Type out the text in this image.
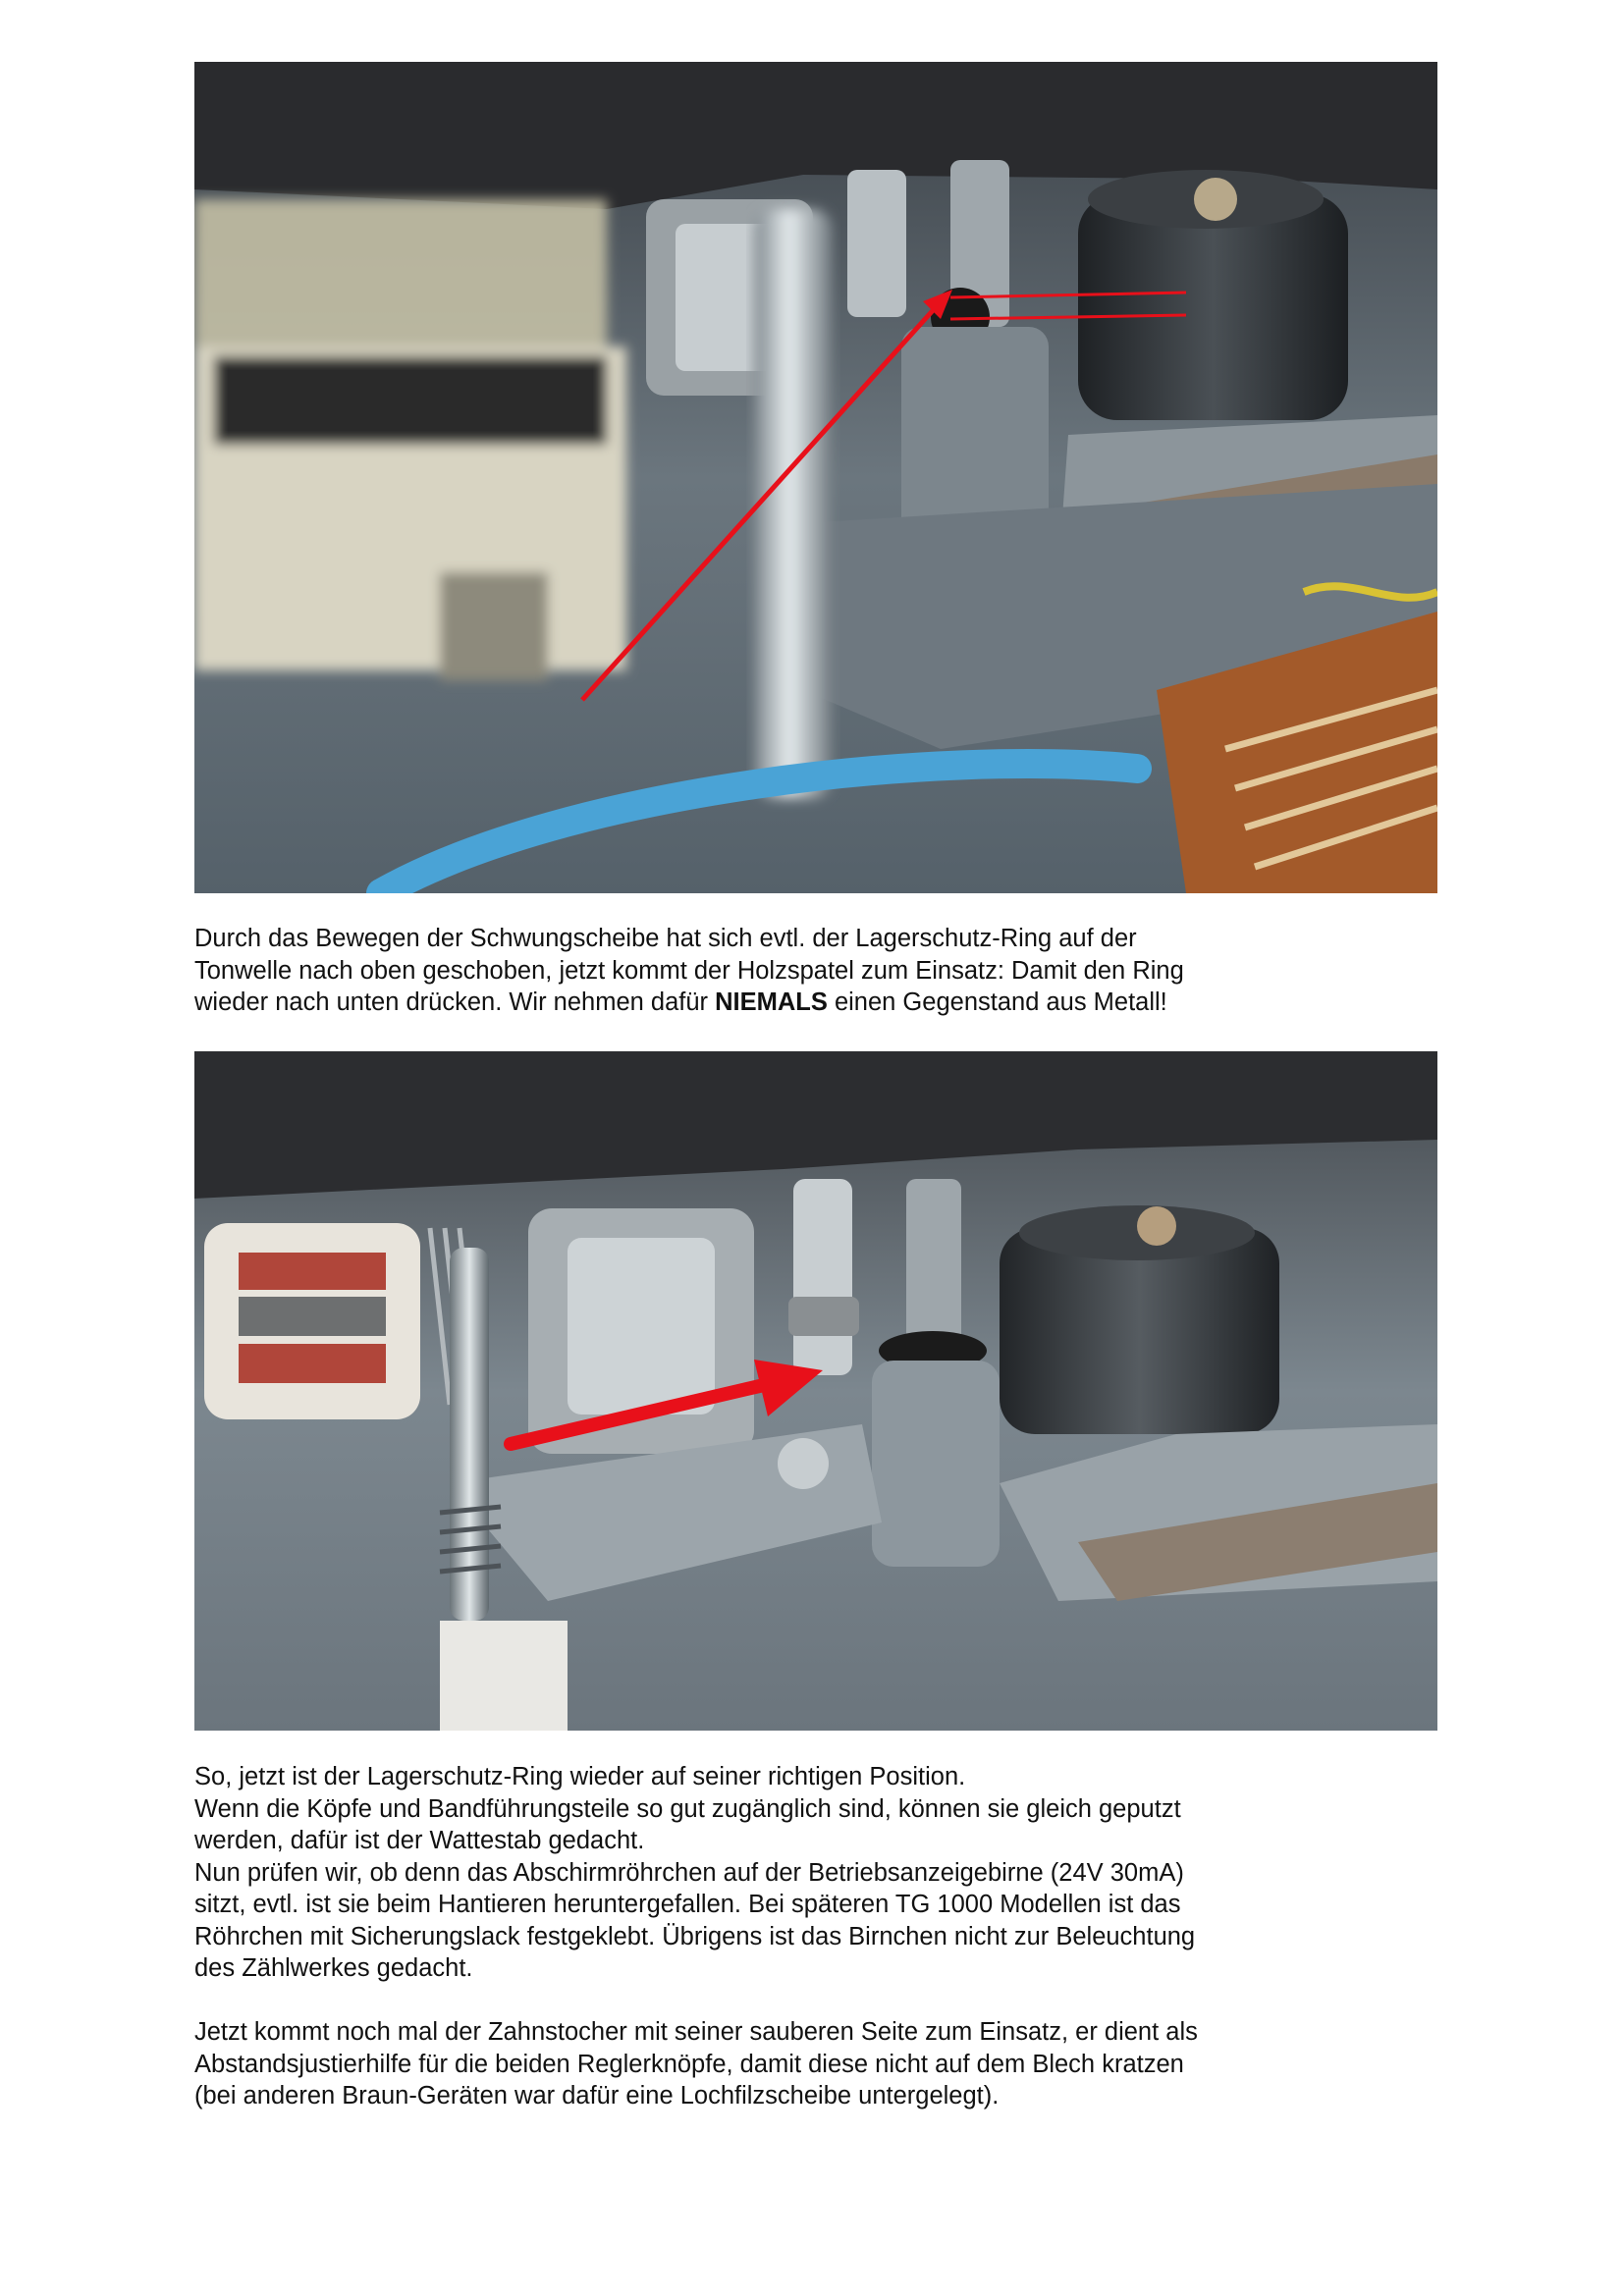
Durch das Bewegen der Schwungscheibe hat sich evtl. der Lagerschutz-Ring auf der
Tonwelle nach oben geschoben, jetzt kommt der Holzspatel zum Einsatz: Damit den Ring
wieder nach unten drücken. Wir nehmen dafür NIEMALS einen Gegenstand aus Metall!

So, jetzt ist der Lagerschutz-Ring wieder auf seiner richtigen Position.
Wenn die Köpfe und Bandführungsteile so gut zugänglich sind, können sie gleich geputzt
werden, dafür ist der Wattestab gedacht.
Nun prüfen wir, ob denn das Abschirmröhrchen auf der Betriebsanzeigebirne (24V 30mA)
sitzt, evtl. ist sie beim Hantieren heruntergefallen. Bei späteren TG 1000 Modellen ist das
Röhrchen mit Sicherungslack festgeklebt. Übrigens ist das Birnchen nicht zur Beleuchtung
des Zählwerkes gedacht.

Jetzt kommt noch mal der Zahnstocher mit seiner sauberen Seite zum Einsatz, er dient als
Abstandsjustierhilfe für die beiden Reglerknöpfe, damit diese nicht auf dem Blech kratzen
(bei anderen Braun-Geräten war dafür eine Lochfilzscheibe untergelegt).
